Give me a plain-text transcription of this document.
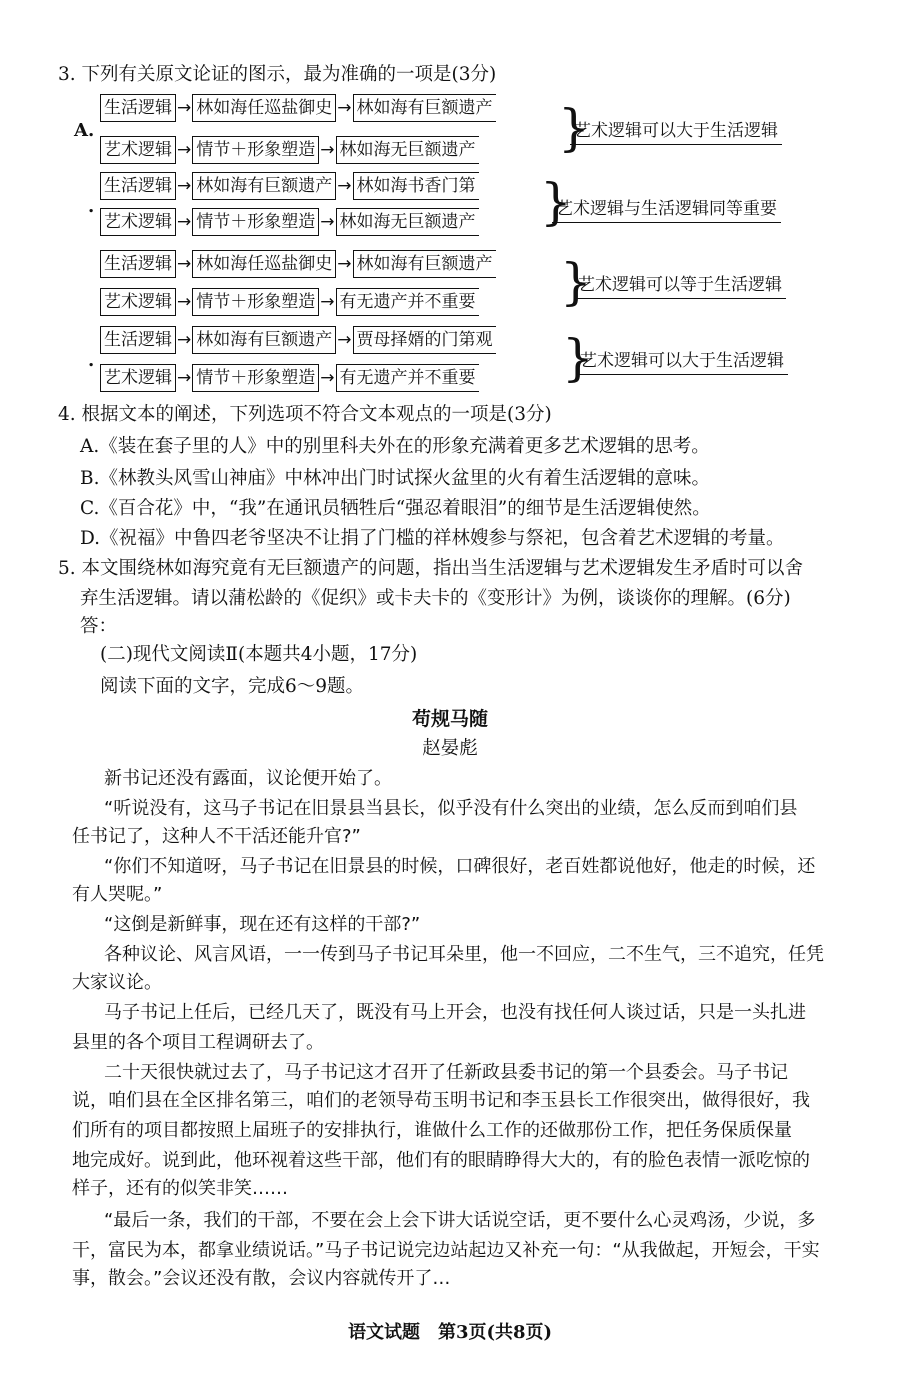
3. 下列有关原文论证的图示，最为准确的一项是(3分)
A.
生活逻辑 → 林如海任巡盐御史 → 林如海有巨额遗产
艺术逻辑 → 情节＋形象塑造 → 林如海无巨额遗产 }
艺术逻辑可以大于生活逻辑
.
生活逻辑 → 林如海有巨额遗产 → 林如海书香门第
艺术逻辑 → 情节＋形象塑造 → 林如海无巨额遗产 }
艺术逻辑与生活逻辑同等重要
生活逻辑 → 林如海任巡盐御史 → 林如海有巨额遗产
艺术逻辑 → 情节＋形象塑造 → 有无遗产并不重要 }
艺术逻辑可以等于生活逻辑
.
生活逻辑 → 林如海有巨额遗产 → 贾母择婿的门第观
艺术逻辑 → 情节＋形象塑造 → 有无遗产并不重要 }
艺术逻辑可以大于生活逻辑
4. 根据文本的阐述，下列选项不符合文本观点的一项是(3分)
A.《装在套子里的人》中的别里科夫外在的形象充满着更多艺术逻辑的思考。
B.《林教头风雪山神庙》中林冲出门时试探火盆里的火有着生活逻辑的意味。
C.《百合花》中，“我”在通讯员牺牲后“强忍着眼泪”的细节是生活逻辑使然。
D.《祝福》中鲁四老爷坚决不让捐了门槛的祥林嫂参与祭祀，包含着艺术逻辑的考量。
5. 本文围绕林如海究竟有无巨额遗产的问题，指出当生活逻辑与艺术逻辑发生矛盾时可以舍
弃生活逻辑。请以蒲松龄的《促织》或卡夫卡的《变形计》为例，谈谈你的理解。(6分)
答：
(二)现代文阅读Ⅱ(本题共4小题，17分)
阅读下面的文字，完成6～9题。
苟规马随
赵晏彪
新书记还没有露面，议论便开始了。
“听说没有，这马子书记在旧景县当县长，似乎没有什么突出的业绩，怎么反而到咱们县
任书记了，这种人不干活还能升官?”
“你们不知道呀，马子书记在旧景县的时候，口碑很好，老百姓都说他好，他走的时候，还
有人哭呢。”
“这倒是新鲜事，现在还有这样的干部?”
各种议论、风言风语，一一传到马子书记耳朵里，他一不回应，二不生气，三不追究，任凭
大家议论。
马子书记上任后，已经几天了，既没有马上开会，也没有找任何人谈过话，只是一头扎进
县里的各个项目工程调研去了。
二十天很快就过去了，马子书记这才召开了任新政县委书记的第一个县委会。马子书记
说，咱们县在全区排名第三，咱们的老领导苟玉明书记和李玉县长工作很突出，做得很好，我
们所有的项目都按照上届班子的安排执行，谁做什么工作的还做那份工作，把任务保质保量
地完成好。说到此，他环视着这些干部，他们有的眼睛睁得大大的，有的脸色表情一派吃惊的
样子，还有的似笑非笑……
“最后一条，我们的干部，不要在会上会下讲大话说空话，更不要什么心灵鸡汤，少说，多
干，富民为本，都拿业绩说话。”马子书记说完边站起边又补充一句：“从我做起，开短会，干实
事，散会。”会议还没有散，会议内容就传开了…
语文试题　第3页(共8页)
